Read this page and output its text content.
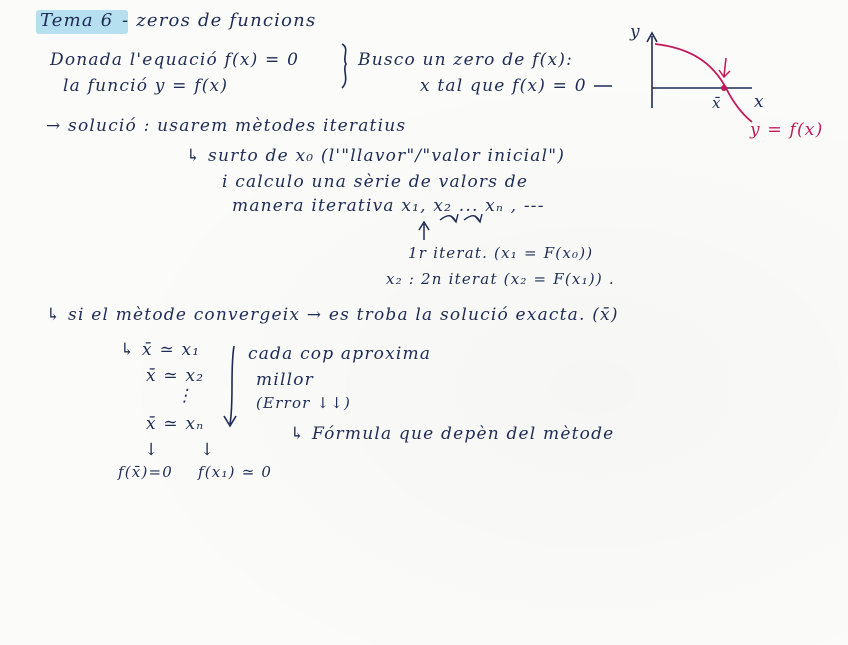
Tema 6 - zeros de funcions
Donada l'equació f(x) = 0
la funció y = f(x)
Busco un zero de f(x):
x tal que f(x) = 0
y
x
x̄
y = f(x)
→ solució : usarem mètodes iteratius
↳ surto de x₀ (l'"llavor"/"valor inicial")
i calculo una sèrie de valors de
manera iterativa x₁, x₂ ... xₙ , ---
1r iterat. (x₁ = F(x₀))
x₂ : 2n iterat (x₂ = F(x₁)) .
↳ si el mètode convergeix → es troba la solució exacta. (x̄)
↳ x̄ ≃ x₁
x̄ ≃ x₂
⋮
x̄ ≃ xₙ
cada cop aproxima
millor
(Error ↓↓)
↳ Fórmula que depèn del mètode
↓ ↓
f(x̄)=0 f(x₁) ≃ 0
